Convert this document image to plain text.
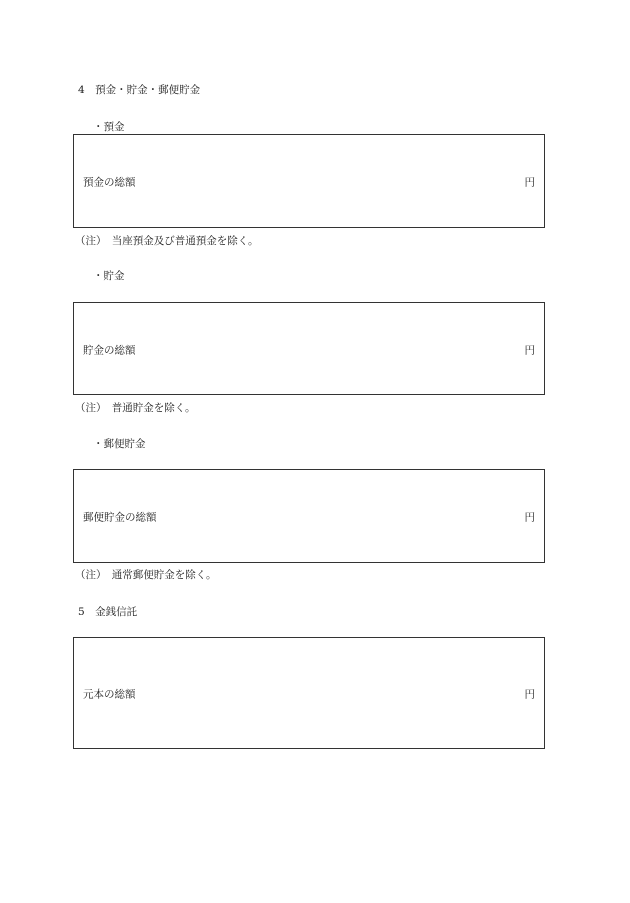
4　預金・貯金・郵便貯金
・預金
預金の総額	円
（注）　当座預金及び普通預金を除く。
・貯金
貯金の総額	円
（注）　普通貯金を除く。
・郵便貯金
郵便貯金の総額	円
（注）　通常郵便貯金を除く。
5　金銭信託
元本の総額	円
